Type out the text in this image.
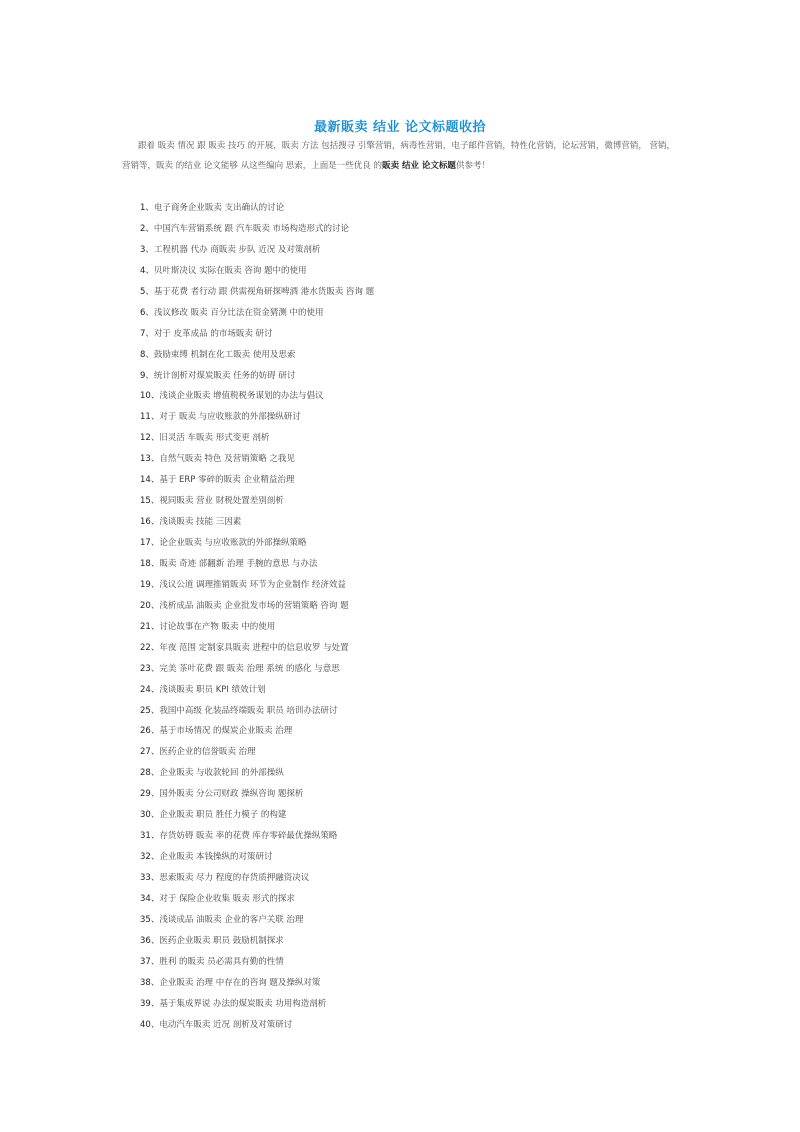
最新販卖 结业 论文标题收拾
跟着 販卖 情况 跟 販卖 技巧 的开展，販卖 方法 包括搜寻 引擎营销，病毒性营销，电子邮件营销，特性化营销，论坛营销，微博营销， 营销， 营销等，販卖 的结业 论文能够 从这些编向 思索，上面是一些优良 的販卖 结业 论文标题供参考！
1、电子商务企业販卖 支出确认的讨论
2、中国汽车营销系统 跟 汽车販卖 市场构造形式的讨论
3、工程机器 代办 商販卖 步队 近况 及对策剖析
4、贝叶斯决议 实际在販卖 咨询 题中的使用
5、基于花费 者行动 跟 供需视角研探啤酒 港水货販卖 咨询 题
6、浅议修改 販卖 百分比法在资金猜测 中的使用
7、对于 皮革成品 的市场販卖 研讨
8、鼓励束缚 机制在化工販卖 使用及思索
9、统计剖析对煤炭販卖 任务的妨碍 研讨
10、浅谈企业販卖 增值税税务谋划的办法与倡议
11、对于 販卖 与应收账款的外部操纵研讨
12、旧灵活 车販卖 形式变更 剖析
13、自然气販卖 特色 及营销策略 之我见
14、基于 ERP 零碎的販卖 企业精益治理
15、视同販卖 营业 財税处置差别剖析
16、浅谈販卖 技能 三因素
17、论企业販卖 与应收账款的外部操纵策略
18、販卖 奇迹 部翻新 治理 手腕的意思 与办法
19、浅议公道 调理推销販卖 环节为企业制作 经济效益
20、浅析成品 油販卖 企业批发市场的营销策略 咨询 题
21、讨论故事在产物 販卖 中的使用
22、年夜 范围 定制家具販卖 进程中的信息收罗 与处置
23、完美 茶叶花费 跟 販卖 治理 系统 的感化 与意思
24、浅谈販卖 职员 KPI 绩效计划
25、我国中高级 化装品终端販卖 职员 培训办法研讨
26、基于市场情况 的煤炭企业販卖 治理
27、医药企业的信誉販卖 治理
28、企业販卖 与收款轮回 的外部操纵
29、国外販卖 分公司财政 操纵咨询 题探析
30、企业販卖 职员 胜任力模子 的构建
31、存货妨碍 販卖 率的花费 库存零碎最优操纵策略
32、企业販卖 本钱操纵的对策研讨
33、思索販卖 尽力 程度的存货质押融资决议
34、对于 保险企业收集 販卖 形式的探求
35、浅谈成品 油販卖 企业的客户关联 治理
36、医药企业販卖 职员 鼓励机制探求
37、胜利 的販卖 员必需具有勤的性情
38、企业販卖 治理 中存在的咨询 题及操纵对策
39、基于集成界说 办法的煤炭販卖 功用构造剖析
40、电动汽车販卖 近况 剖析及对策研讨
